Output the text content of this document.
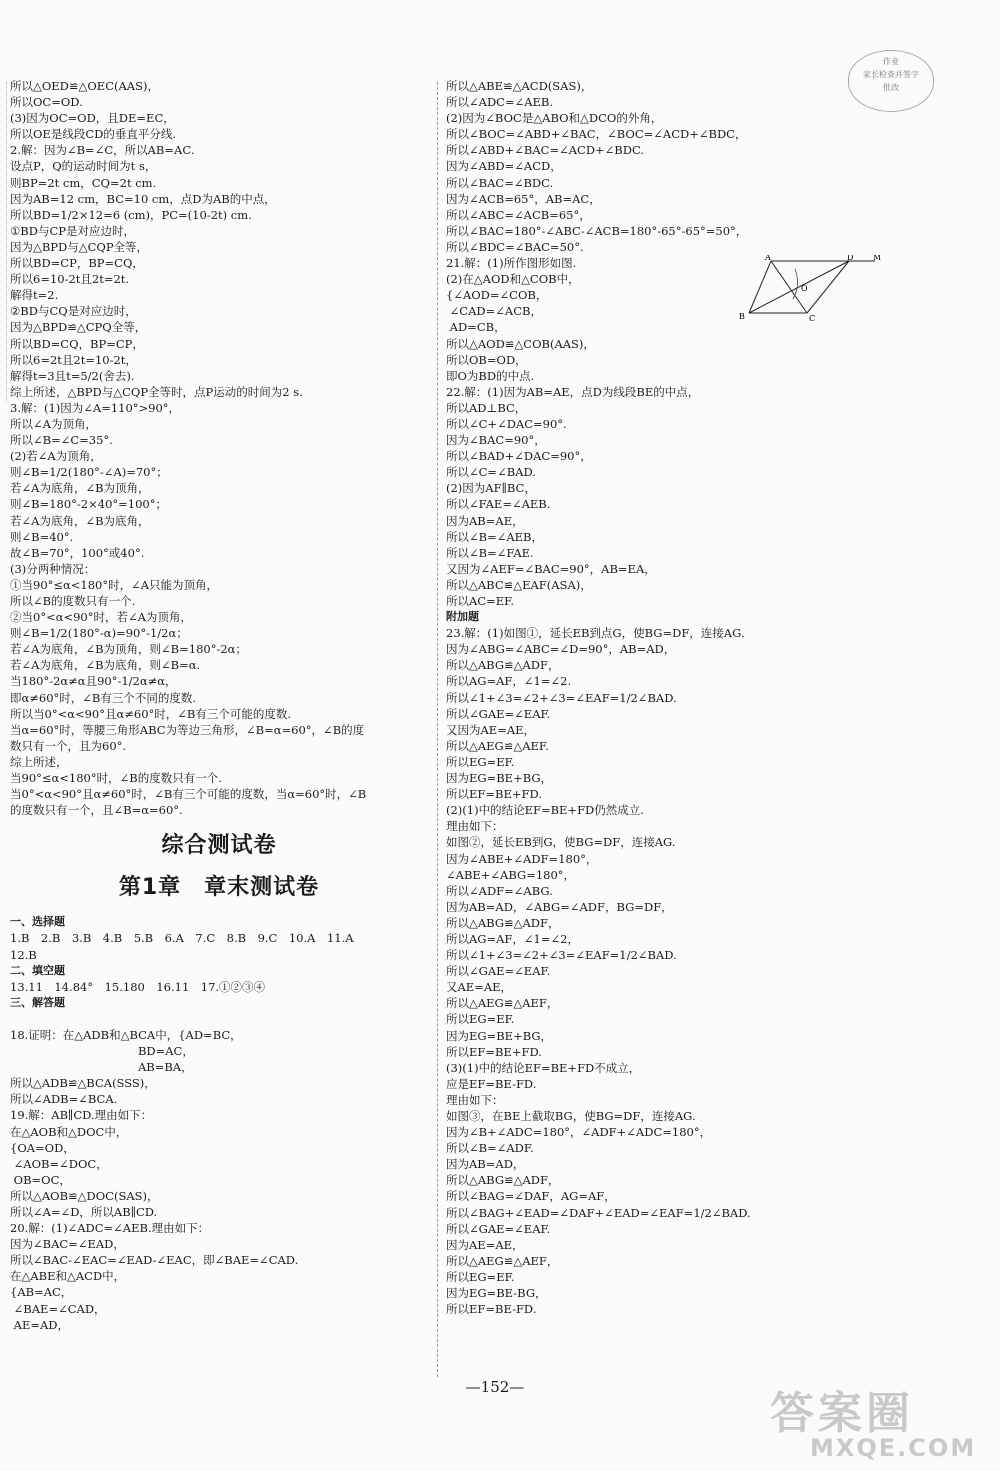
作业
家长检查并签字
批改
所以△OED≌△OEC(AAS)，
所以OC=OD.
(3)因为OC=OD，且DE=EC，
所以OE是线段CD的垂直平分线.
2.解：因为∠B=∠C，所以AB=AC.
设点P，Q的运动时间为t s，
则BP=2t cm，CQ=2t cm.
因为AB=12 cm，BC=10 cm，点D为AB的中点，
所以BD=1/2×12=6 (cm)，PC=(10-2t) cm.
①BD与CP是对应边时，
因为△BPD与△CQP全等，
所以BD=CP，BP=CQ，
所以6=10-2t且2t=2t.
解得t=2.
②BD与CQ是对应边时，
因为△BPD≌△CPQ全等，
所以BD=CQ，BP=CP，
所以6=2t且2t=10-2t，
解得t=3且t=5/2(舍去).
综上所述，△BPD与△CQP全等时，点P运动的时间为2 s.
3.解：(1)因为∠A=110°>90°，
所以∠A为顶角，
所以∠B=∠C=35°.
(2)若∠A为顶角，
则∠B=1/2(180°-∠A)=70°；
若∠A为底角，∠B为顶角，
则∠B=180°-2×40°=100°；
若∠A为底角，∠B为底角，
则∠B=40°.
故∠B=70°，100°或40°.
(3)分两种情况：
①当90°≤α<180°时，∠A只能为顶角，
所以∠B的度数只有一个.
②当0°<α<90°时，若∠A为顶角，
则∠B=1/2(180°-α)=90°-1/2α；
若∠A为底角，∠B为顶角，则∠B=180°-2α；
若∠A为底角，∠B为底角，则∠B=α.
当180°-2α≠α且90°-1/2α≠α，
即α≠60°时，∠B有三个不同的度数.
所以当0°<α<90°且α≠60°时，∠B有三个可能的度数.
当α=60°时，等腰三角形ABC为等边三角形，∠B=α=60°，∠B的度
数只有一个，且为60°.
综上所述，
当90°≤α<180°时，∠B的度数只有一个.
当0°<α<90°且α≠60°时，∠B有三个可能的度数，当α=60°时，∠B
的度数只有一个，且∠B=α=60°.
综合测试卷
第1章　章末测试卷
一、选择题
1.B　2.B　3.B　4.B　5.B　6.A　7.C　8.B　9.C　10.A　11.A
12.B
二、填空题
13.11　14.84°　15.180　16.11　17.①②③④
三、解答题
18.证明：在△ADB和△BCA中，{AD=BC，
BD=AC，
AB=BA，
所以△ADB≌△BCA(SSS)，
所以∠ADB=∠BCA.
19.解：AB∥CD.理由如下：
在△AOB和△DOC中，
{OA=OD，
∠AOB=∠DOC，
OB=OC，
所以△AOB≌△DOC(SAS)，
所以∠A=∠D，所以AB∥CD.
20.解：(1)∠ADC=∠AEB.理由如下：
因为∠BAC=∠EAD，
所以∠BAC-∠EAC=∠EAD-∠EAC，即∠BAE=∠CAD.
在△ABE和△ACD中，
{AB=AC，
∠BAE=∠CAD，
AE=AD，
所以△ABE≌△ACD(SAS)，
所以∠ADC=∠AEB.
(2)因为∠BOC是△ABO和△DCO的外角，
所以∠BOC=∠ABD+∠BAC，∠BOC=∠ACD+∠BDC，
所以∠ABD+∠BAC=∠ACD+∠BDC.
因为∠ABD=∠ACD，
所以∠BAC=∠BDC.
因为∠ACB=65°，AB=AC，
所以∠ABC=∠ACB=65°，
所以∠BAC=180°-∠ABC-∠ACB=180°-65°-65°=50°，
所以∠BDC=∠BAC=50°.
21.解：(1)所作图形如图.
(2)在△AOD和△COB中，
{∠AOD=∠COB，
∠CAD=∠ACB，
AD=CB，
所以△AOD≌△COB(AAS)，
所以OB=OD，
即O为BD的中点.
22.解：(1)因为AB=AE，点D为线段BE的中点，
所以AD⊥BC，
所以∠C+∠DAC=90°.
因为∠BAC=90°，
所以∠BAD+∠DAC=90°，
所以∠C=∠BAD.
(2)因为AF∥BC，
所以∠FAE=∠AEB.
因为AB=AE，
所以∠B=∠AEB，
所以∠B=∠FAE.
又因为∠AEF=∠BAC=90°，AB=EA，
所以△ABC≌△EAF(ASA)，
所以AC=EF.
附加题
23.解：(1)如图①，延长EB到点G，使BG=DF，连接AG.
因为∠ABG=∠ABC=∠D=90°，AB=AD，
所以△ABG≌△ADF，
所以AG=AF，∠1=∠2.
所以∠1+∠3=∠2+∠3=∠EAF=1/2∠BAD.
所以∠GAE=∠EAF.
又因为AE=AE，
所以△AEG≌△AEF.
所以EG=EF.
因为EG=BE+BG，
所以EF=BE+FD.
(2)(1)中的结论EF=BE+FD仍然成立.
理由如下：
如图②，延长EB到G，使BG=DF，连接AG.
因为∠ABE+∠ADF=180°，
∠ABE+∠ABG=180°，
所以∠ADF=∠ABG.
因为AB=AD，∠ABG=∠ADF，BG=DF，
所以△ABG≌△ADF，
所以AG=AF，∠1=∠2，
所以∠1+∠3=∠2+∠3=∠EAF=1/2∠BAD.
所以∠GAE=∠EAF.
又AE=AE，
所以△AEG≌△AEF，
所以EG=EF.
因为EG=BE+BG，
所以EF=BE+FD.
(3)(1)中的结论EF=BE+FD不成立，
应是EF=BE-FD.
理由如下：
如图③，在BE上截取BG，使BG=DF，连接AG.
因为∠B+∠ADC=180°，∠ADF+∠ADC=180°，
所以∠B=∠ADF.
因为AB=AD，
所以△ABG≌△ADF，
所以∠BAG=∠DAF，AG=AF，
所以∠BAG+∠EAD=∠DAF+∠EAD=∠EAF=1/2∠BAD.
所以∠GAE=∠EAF.
因为AE=AE，
所以△AEG≌△AEF，
所以EG=EF.
因为EG=BE-BG，
所以EF=BE-FD.
A	D M
B	C
O
—152—
答案圈
MXQE.COM
